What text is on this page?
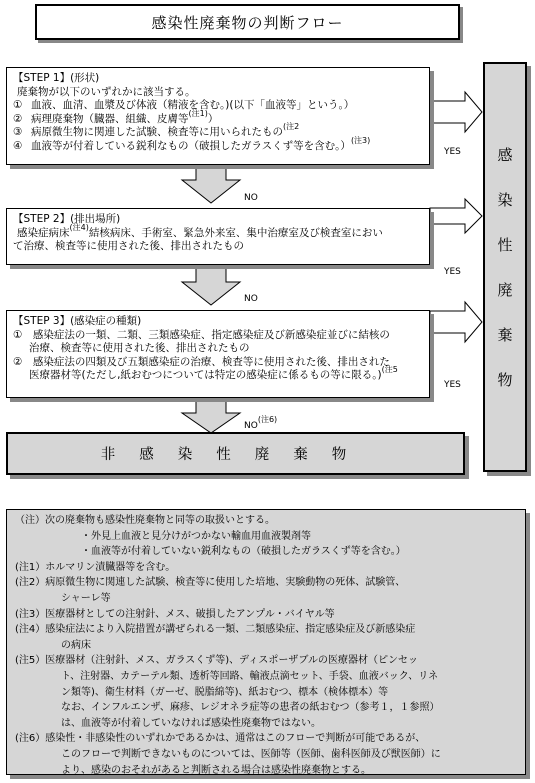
感染性廃棄物の判断フロー
【STEP 1】(形状)
廃棄物が以下のいずれかに該当する。
① 血液、血清、血漿及び体液（精液を含む。)(以下「血液等」という。）
② 病理廃棄物（臓器、組織、皮膚等$^{(注1)}$）
③ 病原微生物に関連した試験、検査等に用いられたもの$^{(注2}$
④ 血液等が付着している鋭利なもの（破損したガラスくず等を含む。）$^{(注3)}$
YES
NO
【STEP 2】(排出場所)
感染症病床$^{(注4)}$結核病床、手術室、緊急外来室、集中治療室及び検査室におい
て治療、検査等に使用された後、排出されたもの
YES
NO
【STEP 3】(感染症の種類)
①　感染症法の一類、二類、三類感染症、指定感染症及び新感染症並びに結核の
治療、検査等に使用された後、排出されたもの
②　感染症法の四類及び五類感染症の治療、検査等に使用された後、排出された
医療器材等(ただし,紙おむつについては特定の感染症に係るもの等に限る。)$^{(注5}$
YES
$NO^{(注6)}$
感
染
性
廃
棄
物
非感染性廃棄物
（注）次の廃棄物も感染性廃棄物と同等の取扱いとする。
・外見上血液と見分けがつかない輸血用血液製剤等
・血液等が付着していない鋭利なもの（破損したガラスくず等を含む。）
(注1）ホルマリン漬臓器等を含む。
(注2）病原微生物に関連した試験、検査等に使用した培地、実験動物の死体、試験管、
シャーレ等
(注3）医療器材としての注射針、メス、破損したアンプル・バイヤル等
(注4）感染症法により入院措置が講ぜられる一類、二類感染症、指定感染症及び新感染症
の病床
(注5）医療器材（注射針、メス、ガラスくず等)、ディスポーザブルの医療器材（ピンセッ
ト、注射器、カテーテル類、透析等回路、輸液点滴セット、手袋、血液バック、リネ
ン類等)、衛生材料（ガーゼ、脱脂綿等)、紙おむつ、標本（検体標本）等
なお、インフルエンザ、麻疹、レジオネラ症等の患者の紙おむつ（参考１，１参照）
は、血液等が付着していなければ感染性廃棄物ではない。
(注6）感染性・非感染性のいずれかであるかは、通常はこのフローで判断が可能であるが、
このフローで判断できないものについては、医師等（医師、歯科医師及び獣医師）に
より、感染のおそれがあると判断される場合は感染性廃棄物とする。
